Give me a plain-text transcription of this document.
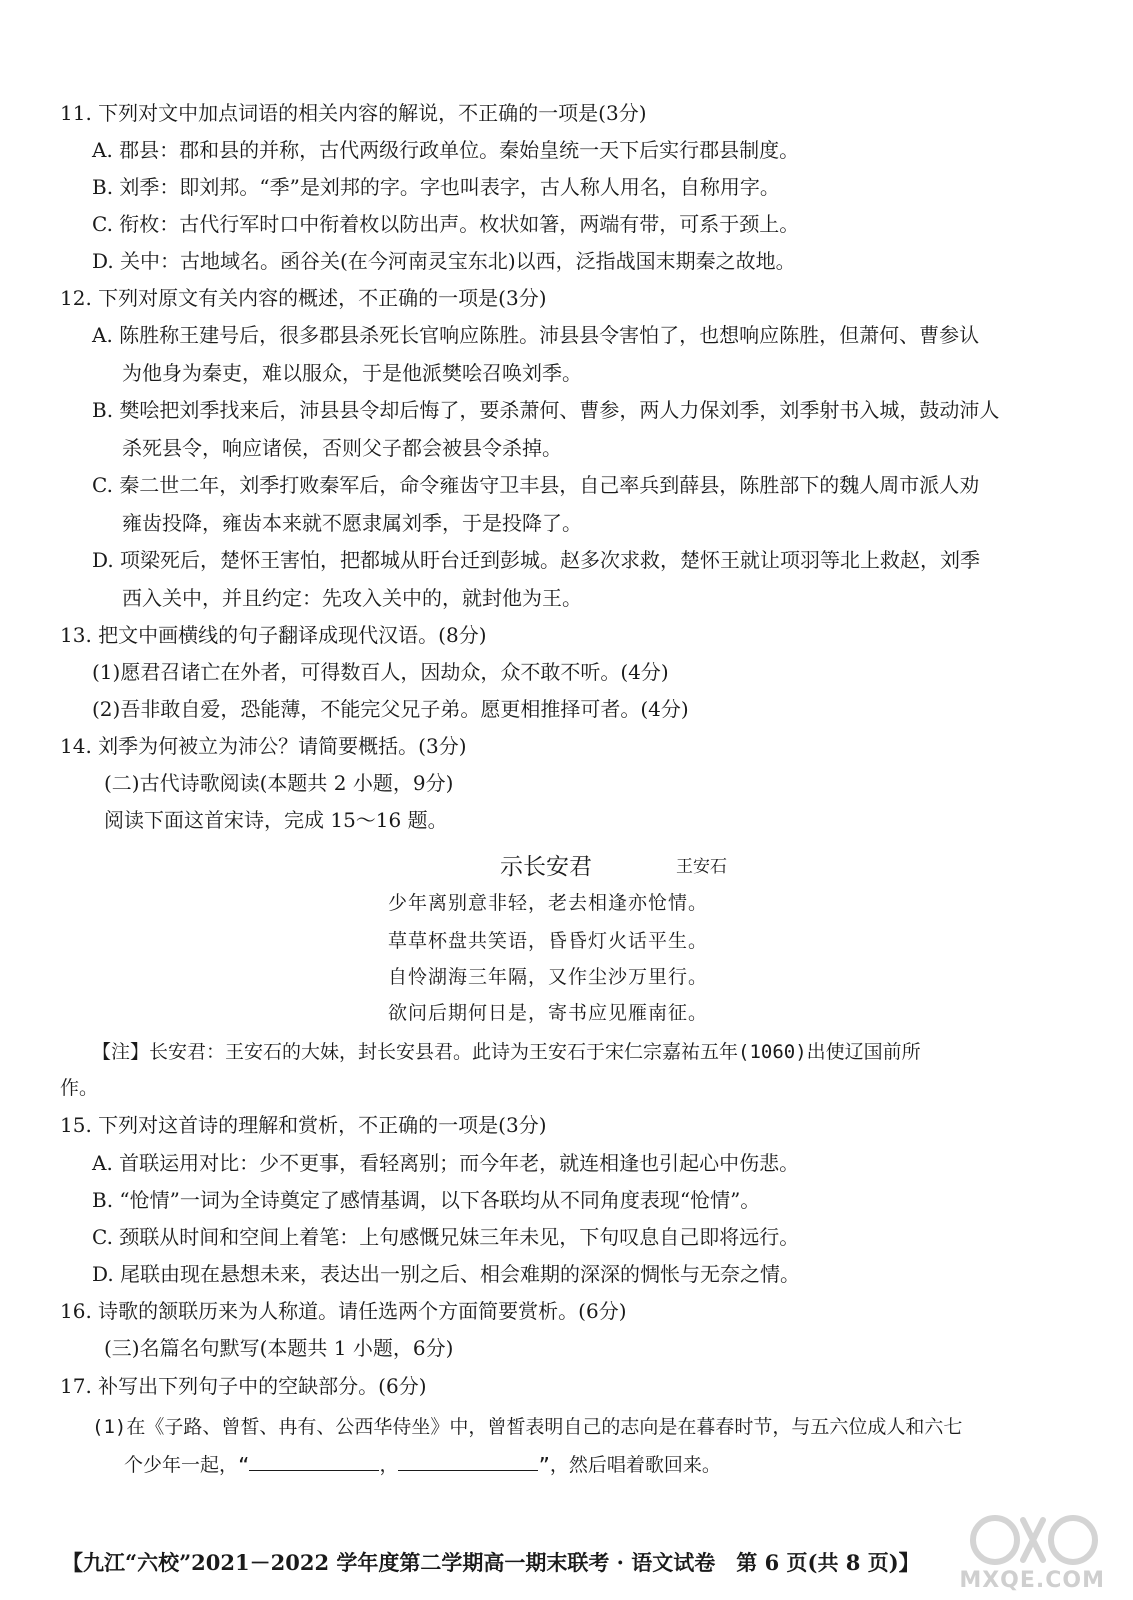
11. 下列对文中加点词语的相关内容的解说，不正确的一项是(3分)
A. 郡县：郡和县的并称，古代两级行政单位。秦始皇统一天下后实行郡县制度。
B. 刘季：即刘邦。“季”是刘邦的字。字也叫表字，古人称人用名，自称用字。
C. 衔枚：古代行军时口中衔着枚以防出声。枚状如箸，两端有带，可系于颈上。
D. 关中：古地域名。函谷关(在今河南灵宝东北)以西，泛指战国末期秦之故地。
12. 下列对原文有关内容的概述，不正确的一项是(3分)
A. 陈胜称王建号后，很多郡县杀死长官响应陈胜。沛县县令害怕了，也想响应陈胜，但萧何、曹参认
为他身为秦吏，难以服众，于是他派樊哙召唤刘季。
B. 樊哙把刘季找来后，沛县县令却后悔了，要杀萧何、曹参，两人力保刘季，刘季射书入城，鼓动沛人
杀死县令，响应诸侯，否则父子都会被县令杀掉。
C. 秦二世二年，刘季打败秦军后，命令雍齿守卫丰县，自己率兵到薛县，陈胜部下的魏人周市派人劝
雍齿投降，雍齿本来就不愿隶属刘季，于是投降了。
D. 项梁死后，楚怀王害怕，把都城从盱台迁到彭城。赵多次求救，楚怀王就让项羽等北上救赵，刘季
西入关中，并且约定：先攻入关中的，就封他为王。
13. 把文中画横线的句子翻译成现代汉语。(8分)
(1)愿君召诸亡在外者，可得数百人，因劫众，众不敢不听。(4分)
(2)吾非敢自爱，恐能薄，不能完父兄子弟。愿更相推择可者。(4分)
14. 刘季为何被立为沛公？请简要概括。(3分)
(二)古代诗歌阅读(本题共 2 小题，9分)
阅读下面这首宋诗，完成 15～16 题。
示长安君	王安石
少年离别意非轻，老去相逢亦怆情。
草草杯盘共笑语，昏昏灯火话平生。
自怜湖海三年隔，又作尘沙万里行。
欲问后期何日是，寄书应见雁南征。
【注】长安君：王安石的大妹，封长安县君。此诗为王安石于宋仁宗嘉祐五年(1060)出使辽国前所
作。
15. 下列对这首诗的理解和赏析，不正确的一项是(3分)
A. 首联运用对比：少不更事，看轻离别；而今年老，就连相逢也引起心中伤悲。
B. “怆情”一词为全诗奠定了感情基调，以下各联均从不同角度表现“怆情”。
C. 颈联从时间和空间上着笔：上句感慨兄妹三年未见，下句叹息自己即将远行。
D. 尾联由现在悬想未来，表达出一别之后、相会难期的深深的惆怅与无奈之情。
16. 诗歌的颔联历来为人称道。请任选两个方面简要赏析。(6分)
(三)名篇名句默写(本题共 1 小题，6分)
17. 补写出下列句子中的空缺部分。(6分)
(1)在《子路、曾皙、冉有、公西华侍坐》中，曾皙表明自己的志向是在暮春时节，与五六位成人和六七
个少年一起，“	，	”，然后唱着歌回来。
【九江“六校”2021－2022 学年度第二学期高一期末联考 · 语文试卷　第 6 页(共 8 页)】
MXQE.COM
